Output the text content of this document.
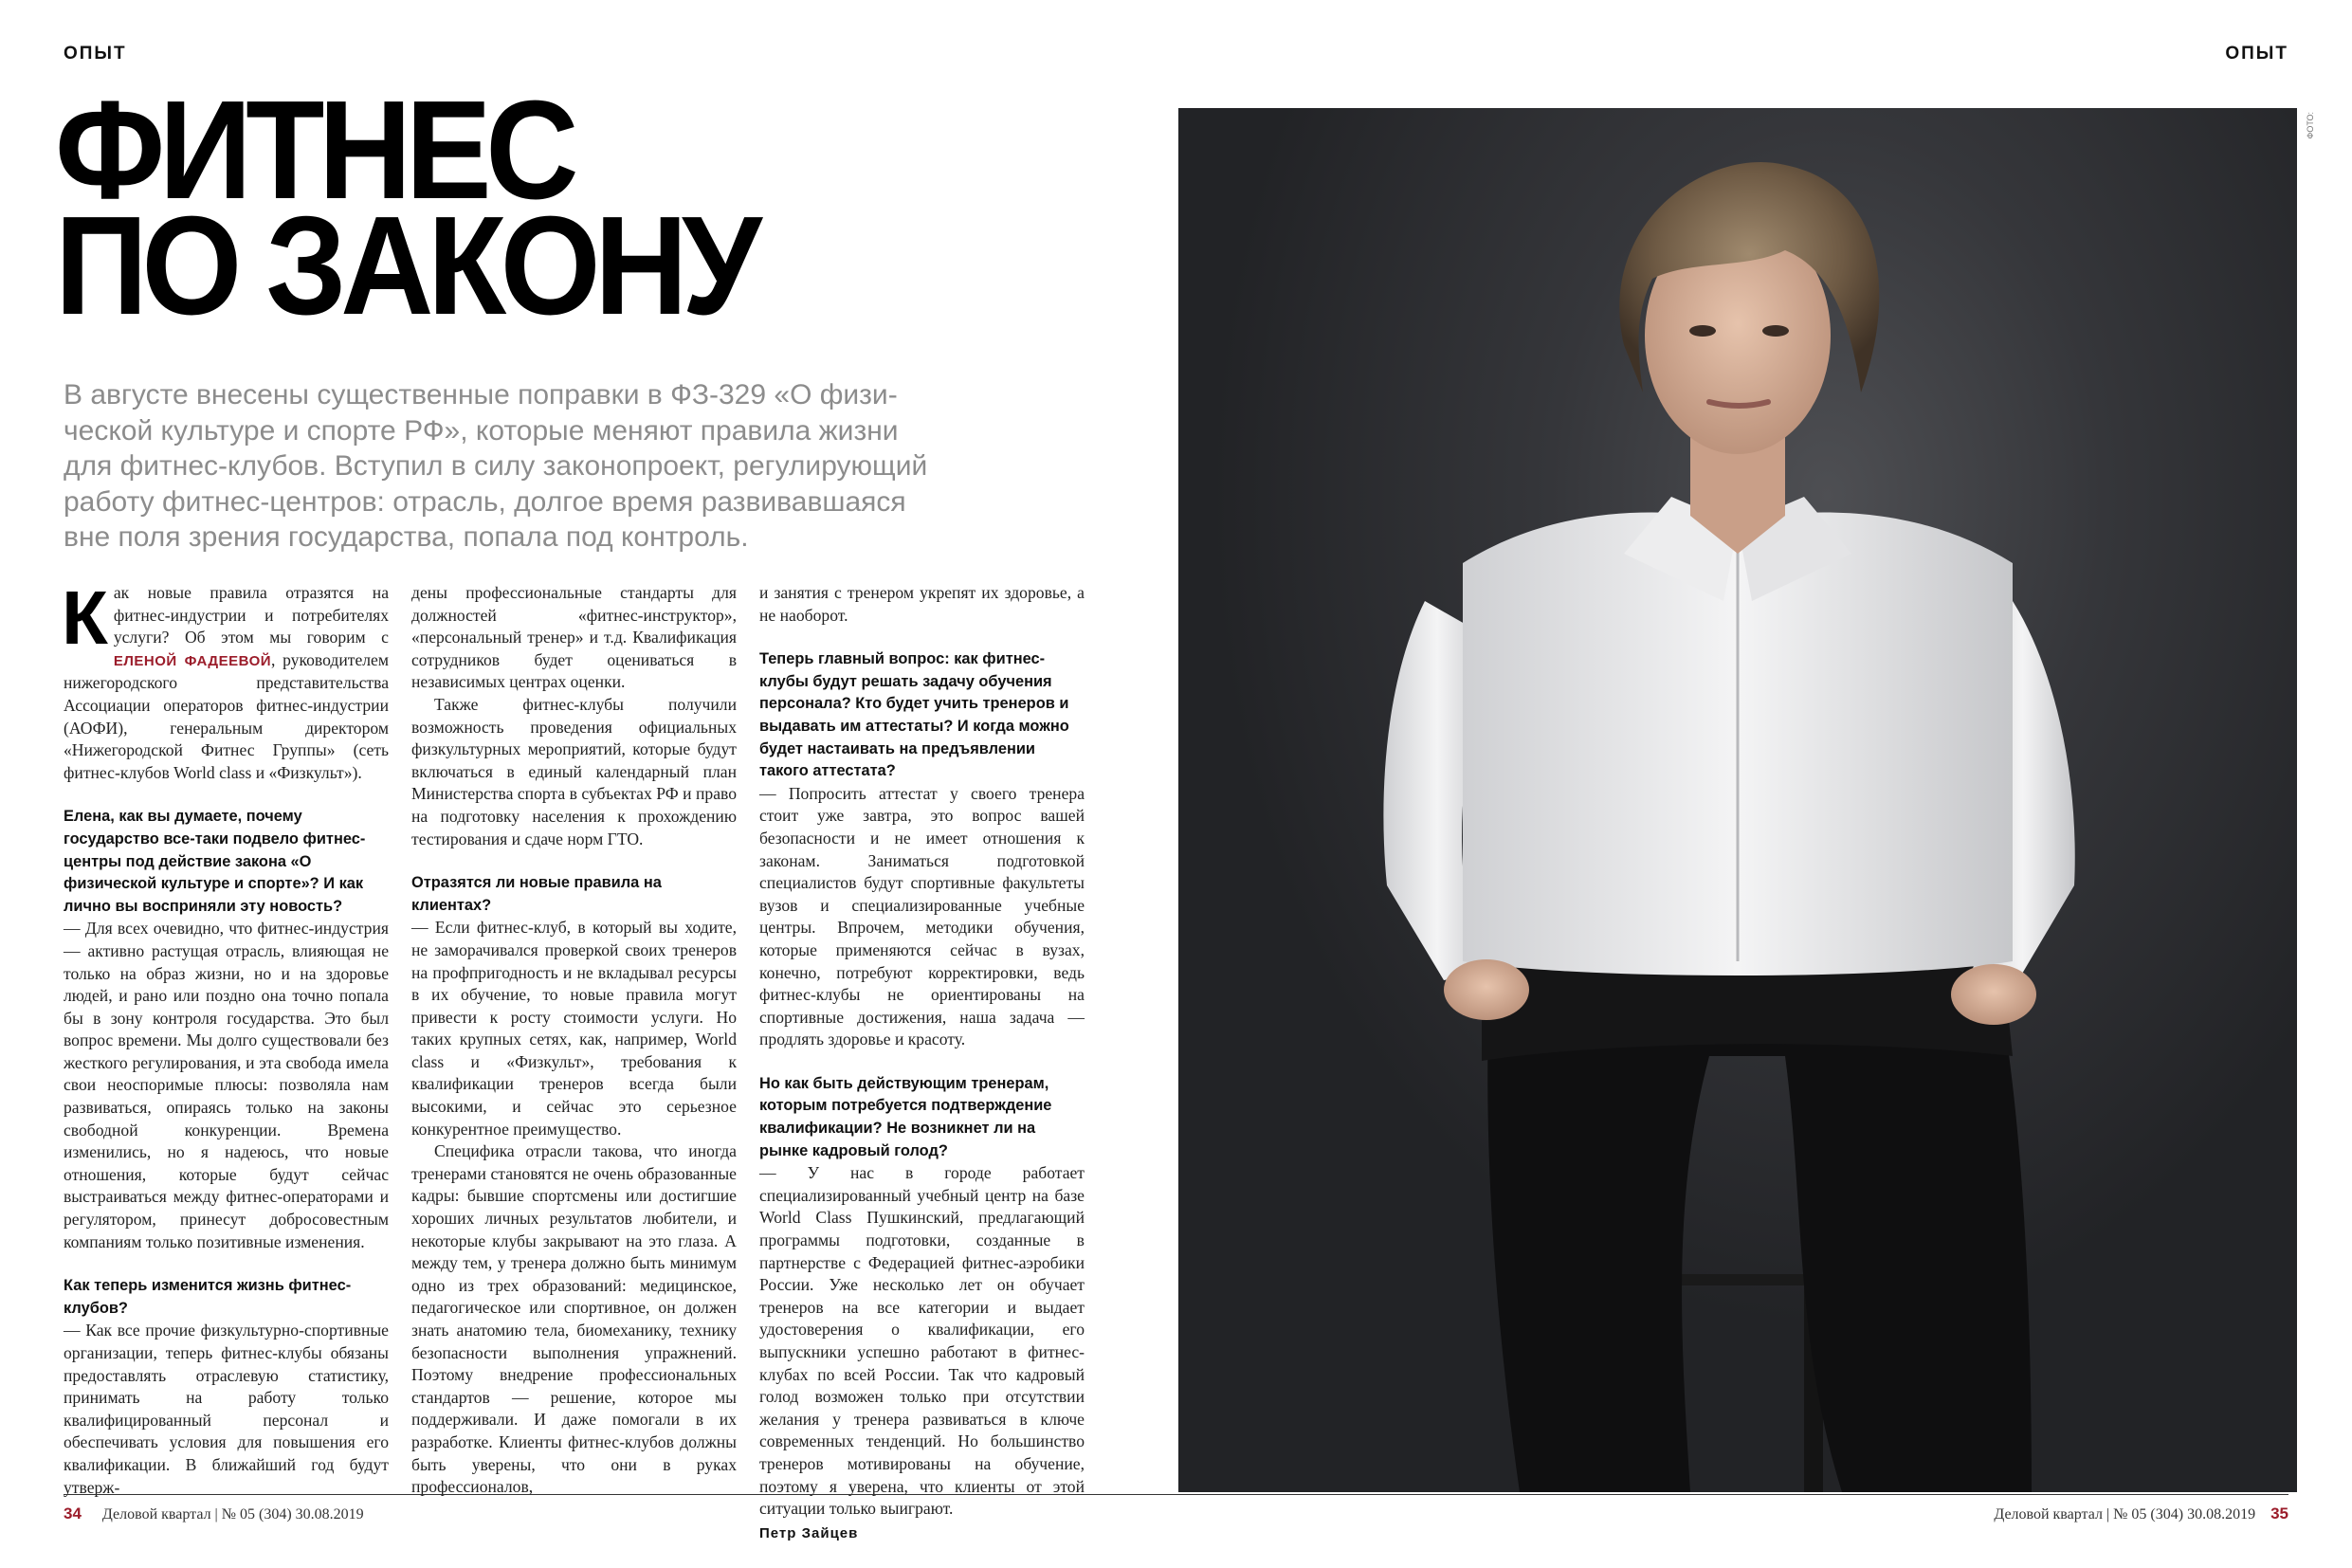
ОПЫТ	ОПЫТ
ФИТНЕС
ПО ЗАКОНУ
В августе внесены существенные поправки в ФЗ-329 «О физи-
ческой культуре и спорте РФ», которые меняют правила жизни
для фитнес-клубов. Вступил в силу законопроект, регулирующий
работу фитнес-центров: отрасль, долгое время развивавшаяся
вне поля зрения государства, попала под контроль.

Как новые правила отразятся на фитнес-индустрии и потребителях услуги? Об этом мы говорим с ЕЛЕНОЙ ФАДЕЕВОЙ, руководителем нижегородского представительства Ассоциации операторов фитнес-индустрии (АОФИ), генеральным директором «Нижегородской Фитнес Группы» (сеть фитнес-клубов World class и «Физкульт»).

Елена, как вы думаете, почему государство все-таки подвело фитнес-центры под действие закона «О физической культуре и спорте»? И как лично вы восприняли эту новость?

— Для всех очевидно, что фитнес-индустрия — активно растущая отрасль, влияющая не только на образ жизни, но и на здоровье людей, и рано или поздно она точно попала бы в зону контроля государства. Это был вопрос времени. Мы долго существовали без жесткого регулирования, и эта свобода имела свои неоспоримые плюсы: позволяла нам развиваться, опираясь только на законы свободной конкуренции. Времена изменились, но я надеюсь, что новые отношения, которые будут сейчас выстраиваться между фитнес-операторами и регулятором, принесут добросовестным компаниям только позитивные изменения.

Как теперь изменится жизнь фитнес-клубов?

— Как все прочие физкультурно-спортивные организации, теперь фитнес-клубы обязаны предоставлять отраслевую статистику, принимать на работу только квалифицированный персонал и обеспечивать условия для повышения его квалификации. В ближайший год будут утверж-

дены профессиональные стандарты для должностей «фитнес-инструктор», «персональный тренер» и т.д. Квалификация сотрудников будет оцениваться в независимых центрах оценки.

Также фитнес-клубы получили возможность проведения официальных физкультурных мероприятий, которые будут включаться в единый календарный план Министерства спорта в субъектах РФ и право на подготовку населения к прохождению тестирования и сдаче норм ГТО.

Отразятся ли новые правила на клиентах?

— Если фитнес-клуб, в который вы ходите, не заморачивался проверкой своих тренеров на профпригодность и не вкладывал ресурсы в их обучение, то новые правила могут привести к росту стоимости услуги. Но таких крупных сетях, как, например, World class и «Физкульт», требования к квалификации тренеров всегда были высокими, и сейчас это серьезное конкурентное преимущество.

Специфика отрасли такова, что иногда тренерами становятся не очень образованные кадры: бывшие спортсмены или достигшие хороших личных результатов любители, и некоторые клубы закрывают на это глаза. А между тем, у тренера должно быть минимум одно из трех образований: медицинское, педагогическое или спортивное, он должен знать анатомию тела, биомеханику, технику безопасности выполнения упражнений. Поэтому внедрение профессиональных стандартов — решение, которое мы поддерживали. И даже помогали в их разработке. Клиенты фитнес-клубов должны быть уверены, что они в руках профессионалов,

и занятия с тренером укрепят их здоровье, а не наоборот.

Теперь главный вопрос: как фитнес-клубы будут решать задачу обучения персонала? Кто будет учить тренеров и выдавать им аттестаты? И когда можно будет настаивать на предъявлении такого аттестата?

— Попросить аттестат у своего тренера стоит уже завтра, это вопрос вашей безопасности и не имеет отношения к законам. Заниматься подготовкой специалистов будут спортивные факультеты вузов и специализированные учебные центры. Впрочем, методики обучения, которые применяются сейчас в вузах, конечно, потребуют корректировки, ведь фитнес-клубы не ориентированы на спортивные достижения, наша задача — продлять здоровье и красоту.

Но как быть действующим тренерам, которым потребуется подтверждение квалификации? Не возникнет ли на рынке кадровый голод?

— У нас в городе работает специализированный учебный центр на базе World Class Пушкинский, предлагающий программы подготовки, созданные в партнерстве с Федерацией фитнес-аэробики России. Уже несколько лет он обучает тренеров на все категории и выдает удостоверения о квалификации, его выпускники успешно работают в фитнес-клубах по всей России. Так что кадровый голод возможен только при отсутствии желания у тренера развиваться в ключе современных тенденций. Но большинство тренеров мотивированы на обучение, поэтому я уверена, что клиенты от этой ситуации только выиграют.

Петр Зайцев

ФОТО:
34 Деловой квартал | № 05 (304) 30.08.2019	Деловой квартал | № 05 (304) 30.08.2019 35
